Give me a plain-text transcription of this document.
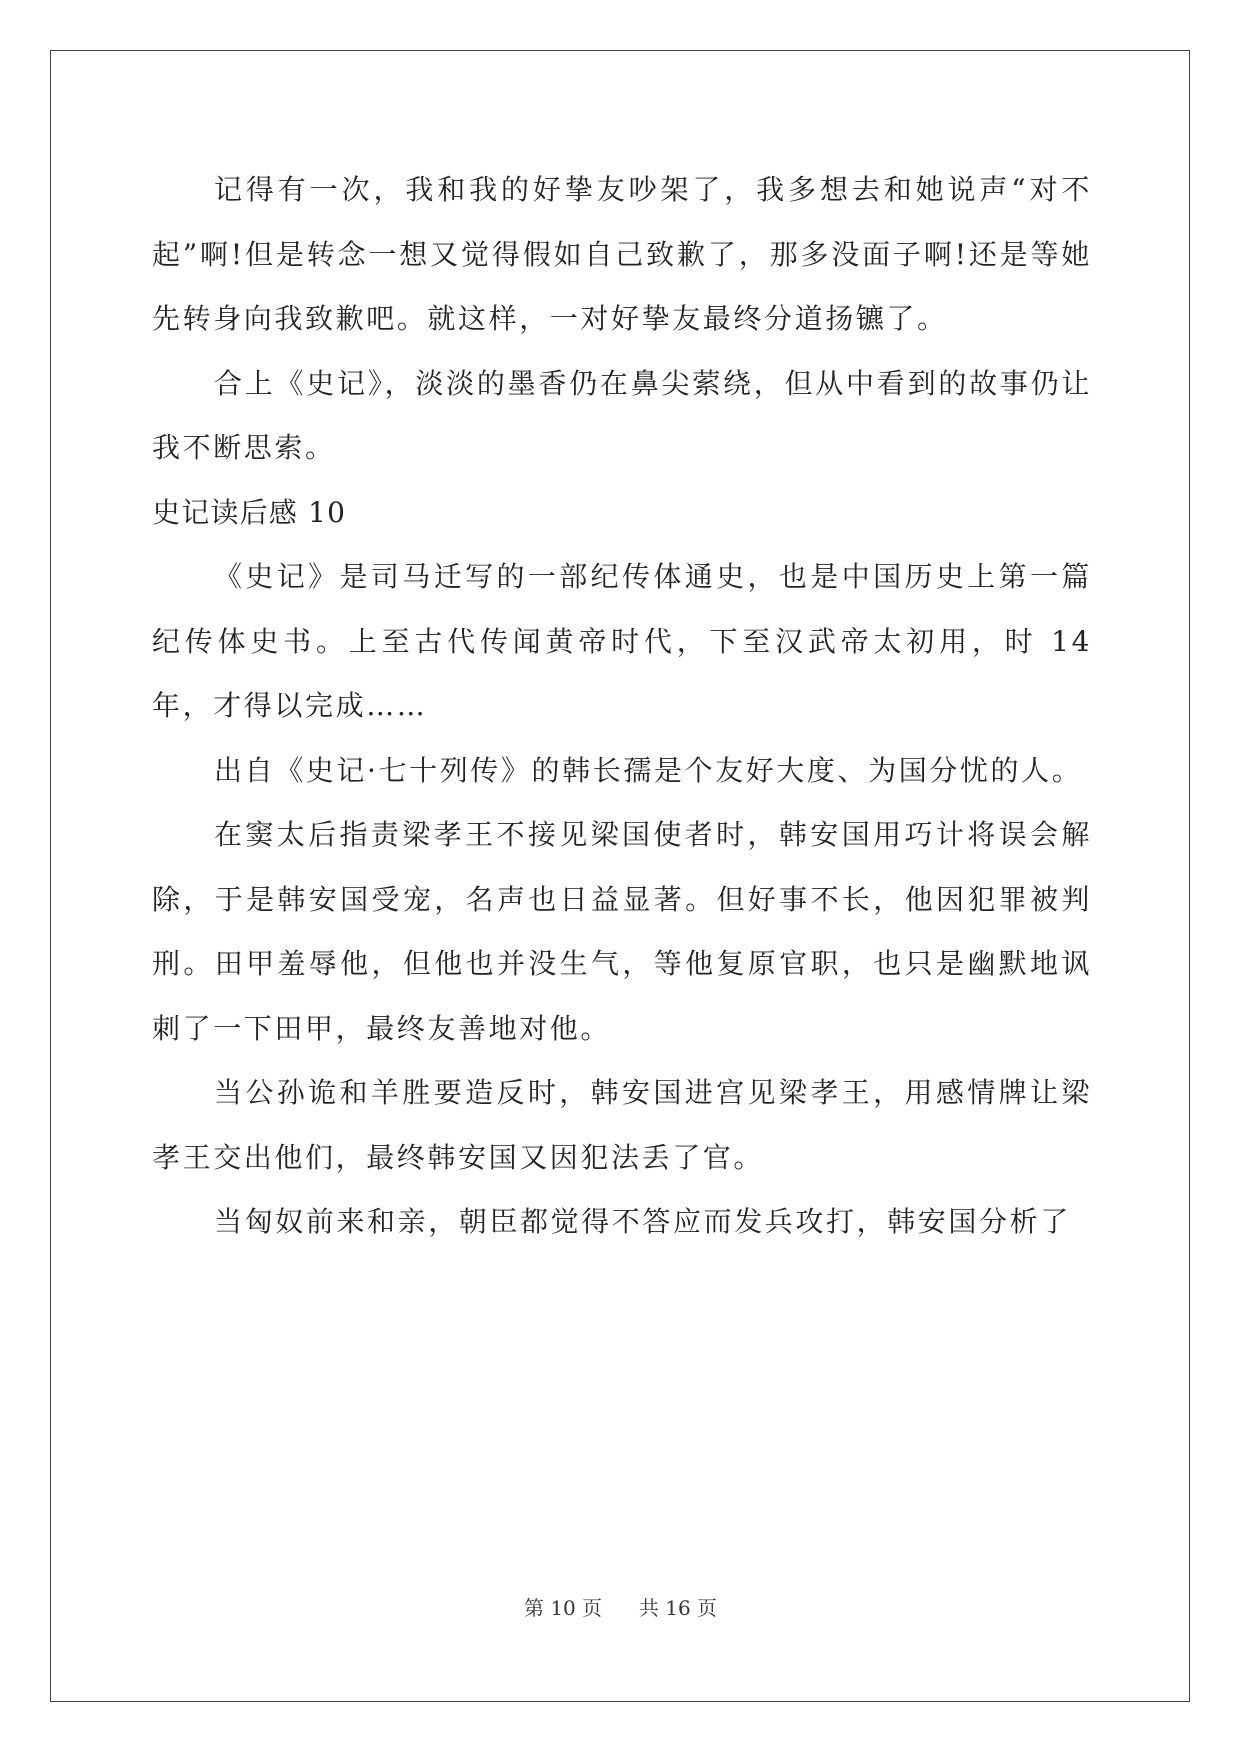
记得有一次，我和我的好挚友吵架了，我多想去和她说声“对不起”啊!但是转念一想又觉得假如自己致歉了，那多没面子啊!还是等她先转身向我致歉吧。就这样，一对好挚友最终分道扬镳了。

合上《史记》，淡淡的墨香仍在鼻尖萦绕，但从中看到的故事仍让我不断思索。

史记读后感 10

《史记》是司马迁写的一部纪传体通史，也是中国历史上第一篇纪传体史书。上至古代传闻黄帝时代，下至汉武帝太初用，时 14 年，才得以完成……

出自《史记·七十列传》的韩长孺是个友好大度、为国分忧的人。

在窦太后指责梁孝王不接见梁国使者时，韩安国用巧计将误会解除，于是韩安国受宠，名声也日益显著。但好事不长，他因犯罪被判刑。田甲羞辱他，但他也并没生气，等他复原官职，也只是幽默地讽刺了一下田甲，最终友善地对他。

当公孙诡和羊胜要造反时，韩安国进宫见梁孝王，用感情牌让梁孝王交出他们，最终韩安国又因犯法丢了官。

当匈奴前来和亲，朝臣都觉得不答应而发兵攻打，韩安国分析了

第 10 页 共 16 页
